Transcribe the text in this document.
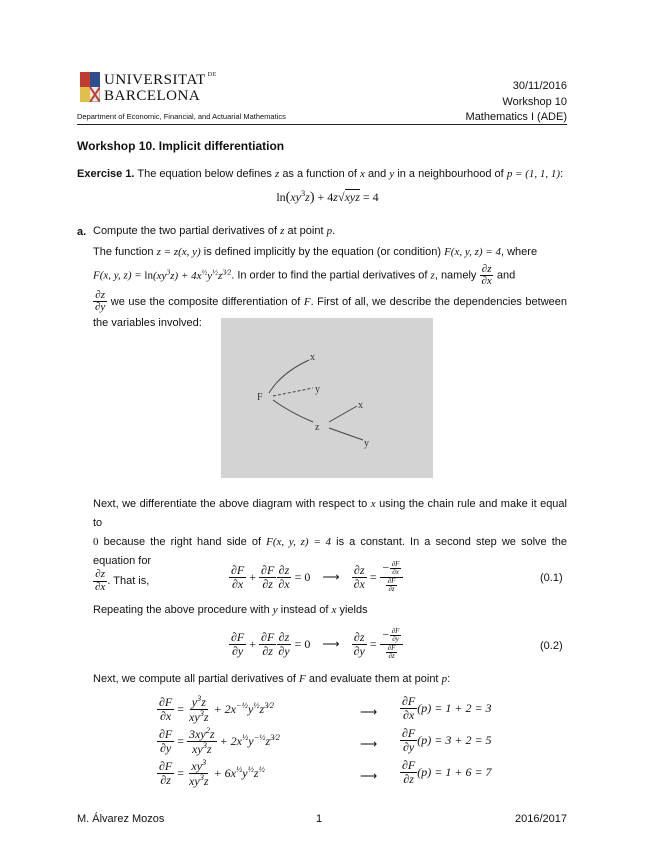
UNIVERSITAT $^{DE}$
BARCELONA
Department of Economic, Financial, and Actuarial Mathematics
30/11/2016
Workshop 10
Mathematics I (ADE)
Workshop 10. Implicit differentiation

Exercise 1. The equation below defines z as a function of x and y in a neighbourhood of p = (1, 1, 1):

$\ln(xy^3z) + 4z√xyz = 4$
a. Compute the two partial derivatives of z at point p.

The function z = z(x, y) is defined implicitly by the equation (or condition) F(x, y, z) = 4, where

F(x, y, $z) = \ln(xy^3z) + 4x^{\frac{1}{2}}y^{\frac{1}{2}}z^{3⁄2}$. In order to find the partial derivatives of z, namely $\frac{\partial z}{\partial x}$ and

$\frac{\partial z}{\partial y}$ we use the composite differentiation of F. First of all, we describe the dependencies between the variables involved:

F
x
y
z
x
y

Next, we differentiate the above diagram with respect to x using the chain rule and make it equal to

0 because the right hand side of F(x, y, z) = 4 is a constant. In a second step we solve the equation for

$\frac{\partial z}{\partial x}$ . That is,	$\frac{\partial F}{\partial x} + \frac{\partial F}{\partial z} \frac{\partial z}{\partial x} = 0$    ⟶ $\frac{\partial z}{\partial x} = \frac{- \frac{\partial F}{\partial x}}{\frac{\partial F}{\partial z}}$	(0.1)
Repeating the above procedure with y instead of x yields
$\frac{\partial F}{\partial y} + \frac{\partial F}{\partial z} \frac{\partial z}{\partial y} = 0$    ⟶ $\frac{\partial z}{\partial y} = \frac{- \frac{\partial F}{\partial y}}{\frac{\partial F}{\partial z}}$	(0.2)
Next, we compute all partial derivatives of F and evaluate them at point p:
$\frac{\partial F}{\partial x} = \frac{y^3z}{xy^3z} + 2x^{-\frac{1}{2}}y^{\frac{1}{2}}z^{3⁄2}$	⟶ $\frac{\partial F}{\partial x} (p) = 1 + 2 = 3$
$\frac{\partial F}{\partial y} = \frac{3xy^2z}{xy^3z} + 2x^{\frac{1}{2}}y^{-\frac{1}{2}}z^{3⁄2}$	⟶ $\frac{\partial F}{\partial y} (p) = 3 + 2 = 5$
$\frac{\partial F}{\partial z} = \frac{xy^3}{xy^3z} + 6x^{\frac{1}{2}}y^{\frac{1}{2}}z^{\frac{1}{2}}$	⟶ $\frac{\partial F}{\partial z} (p) = 1 + 6 = 7$
M. Álvarez Mozos	1	2016/2017
